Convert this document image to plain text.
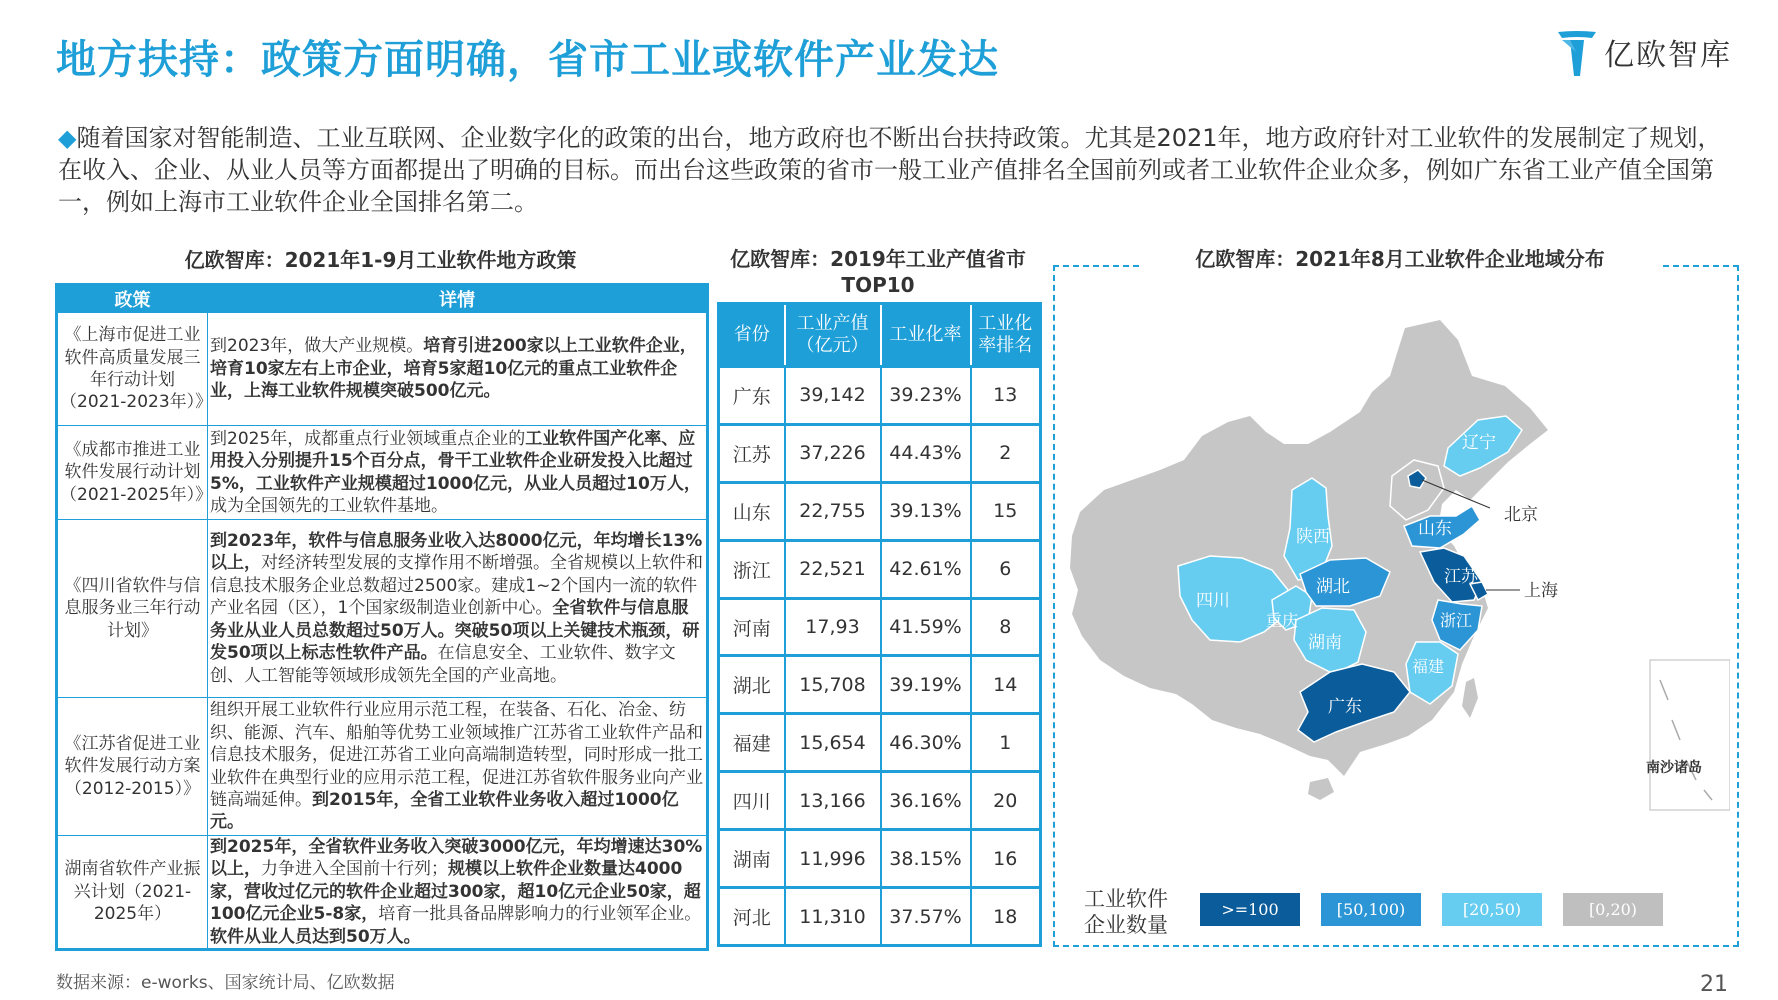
地方扶持：政策方面明确，省市工业或软件产业发达	亿欧智库

◆随着国家对智能制造、工业互联网、企业数字化的政策的出台，地方政府也不断出台扶持政策。尤其是2021年，地方政府针对工业软件的发展制定了规划，在收入、企业、从业人员等方面都提出了明确的目标。而出台这些政策的省市一般工业产值排名全国前列或者工业软件企业众多，例如广东省工业产值全国第一，例如上海市工业软件企业全国排名第二。

亿欧智库：2021年1-9月工业软件地方政策
政策	详情
《上海市促进工业软件高质量发展三年行动计划（2021-2023年）》	到2023年，做大产业规模。培育引进200家以上工业软件企业，培育10家左右上市企业，培育5家超10亿元的重点工业软件企业，上海工业软件规模突破500亿元。
《成都市推进工业软件发展行动计划（2021-2025年）》	到2025年，成都重点行业领域重点企业的工业软件国产化率、应用投入分别提升15个百分点，骨干工业软件企业研发投入比超过5%，工业软件产业规模超过1000亿元，从业人员超过10万人，成为全国领先的工业软件基地。
《四川省软件与信息服务业三年行动计划》	到2023年，软件与信息服务业收入达8000亿元，年均增长13%以上，对经济转型发展的支撑作用不断增强。全省规模以上软件和信息技术服务企业总数超过2500家。建成1~2个国内一流的软件产业名园（区），1个国家级制造业创新中心。全省软件与信息服务业从业人员总数超过50万人。突破50项以上关键技术瓶颈，研发50项以上标志性软件产品。在信息安全、工业软件、数字文创、人工智能等领域形成领先全国的产业高地。
《江苏省促进工业软件发展行动方案（2012-2015）》	组织开展工业软件行业应用示范工程，在装备、石化、冶金、纺织、能源、汽车、船舶等优势工业领域推广江苏省工业软件产品和信息技术服务，促进江苏省工业向高端制造转型，同时形成一批工业软件在典型行业的应用示范工程，促进江苏省软件服务业向产业链高端延伸。到2015年，全省工业软件业务收入超过1000亿元。
湖南省软件产业振兴计划（2021-2025年）	到2025年，全省软件业务收入突破3000亿元，年均增速达30%以上，力争进入全国前十行列；规模以上软件企业数量达4000家，营收过亿元的软件企业超过300家，超10亿元企业50家，超100亿元企业5-8家，培育一批具备品牌影响力的行业领军企业。软件从业人员达到50万人。
亿欧智库：2019年工业产值省市TOP10
省份	工业产值（亿元）	工业化率	工业化率排名
广东	39,142	39.23%	13
江苏	37,226	44.43%	2
山东	22,755	39.13%	15
浙江	22,521	42.61%	6
河南	17,93	41.59%	8
湖北	15,708	39.19%	14
福建	15,654	46.30%	1
四川	13,166	36.16%	20
湖南	11,996	38.15%	16
河北	11,310	37.57%	18
亿欧智库：2021年8月工业软件企业地域分布
辽宁
山东
陕西
江苏
四川
湖北
重庆	浙江
湖南
福建
广东
北京
上海
南沙诸岛
工业软件企业数量
>=100	[50,100)	[20,50)	[0,20)
数据来源：e-works、国家统计局、亿欧数据	21
